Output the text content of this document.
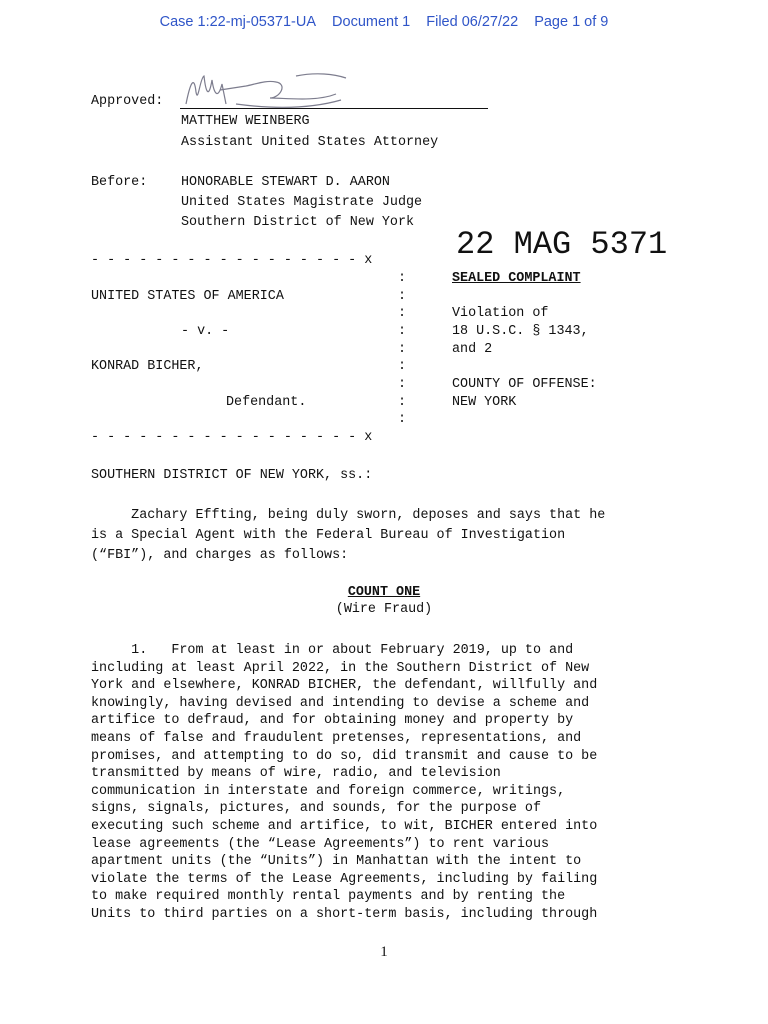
Case 1:22-mj-05371-UA Document 1 Filed 06/27/22 Page 1 of 9
Approved:
MATTHEW WEINBERG
Assistant United States Attorney
Before:	HONORABLE STEWART D. AARON
United States Magistrate Judge
Southern District of New York
22 MAG 5371
- - - - - - - - - - - - - - - - - x
:
:
:
:
:
:
:
:
:
- - - - - - - - - - - - - - - - - x
UNITED STATES OF AMERICA
- v. -
KONRAD BICHER,
Defendant.
SEALED COMPLAINT
Violation of
18 U.S.C. § 1343,
and 2
COUNTY OF OFFENSE:
NEW YORK
SOUTHERN DISTRICT OF NEW YORK, ss.:
Zachary Effting, being duly sworn, deposes and says that he
is a Special Agent with the Federal Bureau of Investigation
(“FBI”), and charges as follows:
COUNT ONE
(Wire Fraud)
1.   From at least in or about February 2019, up to and
including at least April 2022, in the Southern District of New
York and elsewhere, KONRAD BICHER, the defendant, willfully and
knowingly, having devised and intending to devise a scheme and
artifice to defraud, and for obtaining money and property by
means of false and fraudulent pretenses, representations, and
promises, and attempting to do so, did transmit and cause to be
transmitted by means of wire, radio, and television
communication in interstate and foreign commerce, writings,
signs, signals, pictures, and sounds, for the purpose of
executing such scheme and artifice, to wit, BICHER entered into
lease agreements (the “Lease Agreements”) to rent various
apartment units (the “Units”) in Manhattan with the intent to
violate the terms of the Lease Agreements, including by failing
to make required monthly rental payments and by renting the
Units to third parties on a short-term basis, including through
1
